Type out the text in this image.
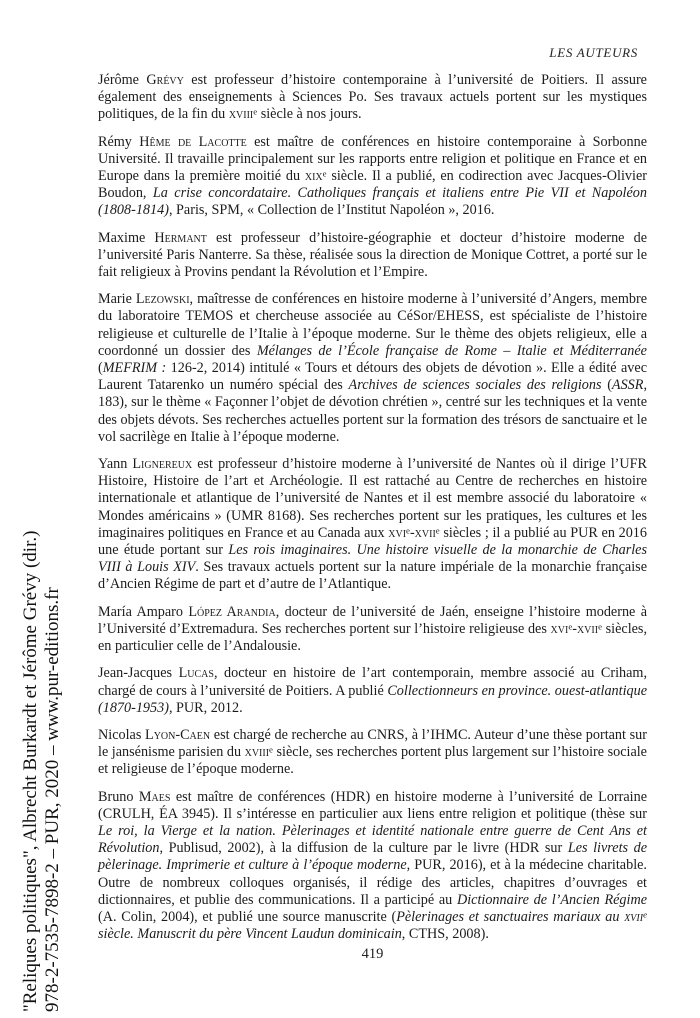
LES AUTEURS
"Reliques politiques", Albrecht Burkardt et Jérôme Grévy (dir.) 978-2-7535-7898-2 – PUR, 2020 – www.pur-editions.fr

Jérôme Grévy est professeur d’histoire contemporaine à l’université de Poitiers. Il assure également des enseignements à Sciences Po. Ses travaux actuels portent sur les mystiques politiques, de la fin du xviii$^e$ siècle à nos jours.

Rémy Hême de Lacotte est maître de conférences en histoire contemporaine à Sorbonne Université. Il travaille principalement sur les rapports entre religion et politique en France et en Europe dans la première moitié du xix$^e$ siècle. Il a publié, en codirection avec Jacques-Olivier Boudon, La crise concordataire. Catholiques français et italiens entre Pie VII et Napoléon (1808-1814), Paris, SPM, « Collection de l’Institut Napoléon », 2016.

Maxime Hermant est professeur d’histoire-géographie et docteur d’histoire moderne de l’université Paris Nanterre. Sa thèse, réalisée sous la direction de Monique Cottret, a porté sur le fait religieux à Provins pendant la Révolution et l’Empire.

Marie Lezowski, maîtresse de conférences en histoire moderne à l’université d’Angers, membre du laboratoire TEMOS et chercheuse associée au CéSor/EHESS, est spécialiste de l’histoire religieuse et culturelle de l’Italie à l’époque moderne. Sur le thème des objets religieux, elle a coordonné un dossier des Mélanges de l’École française de Rome – Italie et Méditerranée (MEFRIM : 126-2, 2014) intitulé « Tours et détours des objets de dévotion ». Elle a édité avec Laurent Tatarenko un numéro spécial des Archives de sciences sociales des religions (ASSR, 183), sur le thème « Façonner l’objet de dévotion chrétien », centré sur les techniques et la vente des objets dévots. Ses recherches actuelles portent sur la formation des trésors de sanctuaire et le vol sacrilège en Italie à l’époque moderne.

Yann Lignereux est professeur d’histoire moderne à l’université de Nantes où il dirige l’UFR Histoire, Histoire de l’art et Archéologie. Il est rattaché au Centre de recherches en histoire internationale et atlantique de l’université de Nantes et il est membre associé du laboratoire « Mondes américains » (UMR 8168). Ses recherches portent sur les pratiques, les cultures et les imaginaires politiques en France et au Canada aux xvi$^e$-xvii$^e$ siècles ; il a publié au PUR en 2016 une étude portant sur Les rois imaginaires. Une histoire visuelle de la monarchie de Charles VIII à Louis XIV. Ses travaux actuels portent sur la nature impériale de la monarchie française d’Ancien Régime de part et d’autre de l’Atlantique.

María Amparo López Arandia, docteur de l’université de Jaén, enseigne l’histoire moderne à l’Université d’Extremadura. Ses recherches portent sur l’histoire religieuse des xvi$^e$-xvii$^e$ siècles, en particulier celle de l’Andalousie.

Jean-Jacques Lucas, docteur en histoire de l’art contemporain, membre associé au Criham, chargé de cours à l’université de Poitiers. A publié Collectionneurs en province. ouest-atlantique (1870-1953), PUR, 2012.

Nicolas Lyon-Caen est chargé de recherche au CNRS, à l’IHMC. Auteur d’une thèse portant sur le jansénisme parisien du xviii$^e$ siècle, ses recherches portent plus largement sur l’histoire sociale et religieuse de l’époque moderne.

Bruno Maes est maître de conférences (HDR) en histoire moderne à l’université de Lorraine (CRULH, ÉA 3945). Il s’intéresse en particulier aux liens entre religion et politique (thèse sur Le roi, la Vierge et la nation. Pèlerinages et identité nationale entre guerre de Cent Ans et Révolution, Publisud, 2002), à la diffusion de la culture par le livre (HDR sur Les livrets de pèlerinage. Imprimerie et culture à l’époque moderne, PUR, 2016), et à la médecine charitable. Outre de nombreux colloques organisés, il rédige des articles, chapitres d’ouvrages et dictionnaires, et publie des communications. Il a participé au Dictionnaire de l’Ancien Régime (A. Colin, 2004), et publié une source manuscrite (Pèlerinages et sanctuaires mariaux au xvii$^e$ siècle. Manuscrit du père Vincent Laudun dominicain, CTHS, 2008).

419
